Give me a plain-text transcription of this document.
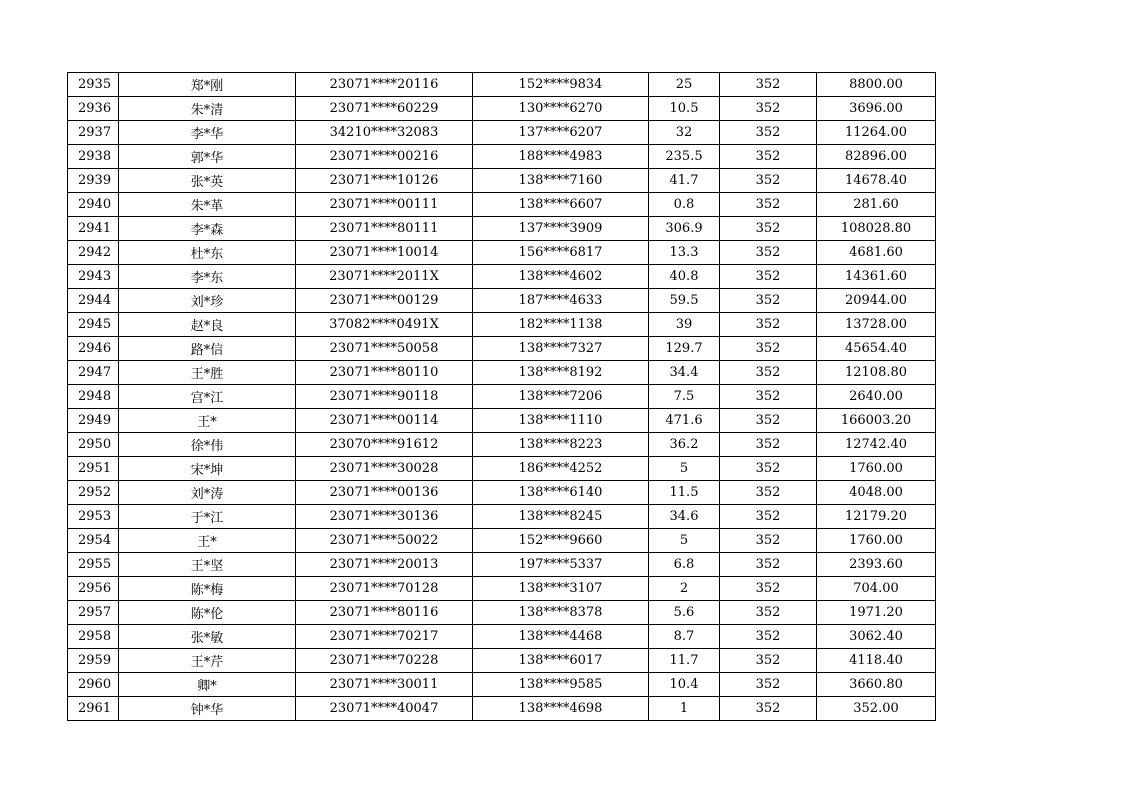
2935	郑*刚	23071****20116	152****9834	25	352	8800.00
2936	朱*清	23071****60229	130****6270	10.5	352	3696.00
2937	李*华	34210****32083	137****6207	32	352	11264.00
2938	郭*华	23071****00216	188****4983	235.5	352	82896.00
2939	张*英	23071****10126	138****7160	41.7	352	14678.40
2940	朱*革	23071****00111	138****6607	0.8	352	281.60
2941	李*森	23071****80111	137****3909	306.9	352	108028.80
2942	杜*东	23071****10014	156****6817	13.3	352	4681.60
2943	李*东	23071****2011X	138****4602	40.8	352	14361.60
2944	刘*珍	23071****00129	187****4633	59.5	352	20944.00
2945	赵*良	37082****0491X	182****1138	39	352	13728.00
2946	路*信	23071****50058	138****7327	129.7	352	45654.40
2947	王*胜	23071****80110	138****8192	34.4	352	12108.80
2948	宫*江	23071****90118	138****7206	7.5	352	2640.00
2949	王*	23071****00114	138****1110	471.6	352	166003.20
2950	徐*伟	23070****91612	138****8223	36.2	352	12742.40
2951	宋*坤	23071****30028	186****4252	5	352	1760.00
2952	刘*涛	23071****00136	138****6140	11.5	352	4048.00
2953	于*江	23071****30136	138****8245	34.6	352	12179.20
2954	王*	23071****50022	152****9660	5	352	1760.00
2955	王*坚	23071****20013	197****5337	6.8	352	2393.60
2956	陈*梅	23071****70128	138****3107	2	352	704.00
2957	陈*伦	23071****80116	138****8378	5.6	352	1971.20
2958	张*敏	23071****70217	138****4468	8.7	352	3062.40
2959	王*芹	23071****70228	138****6017	11.7	352	4118.40
2960	卿*	23071****30011	138****9585	10.4	352	3660.80
2961	钟*华	23071****40047	138****4698	1	352	352.00
